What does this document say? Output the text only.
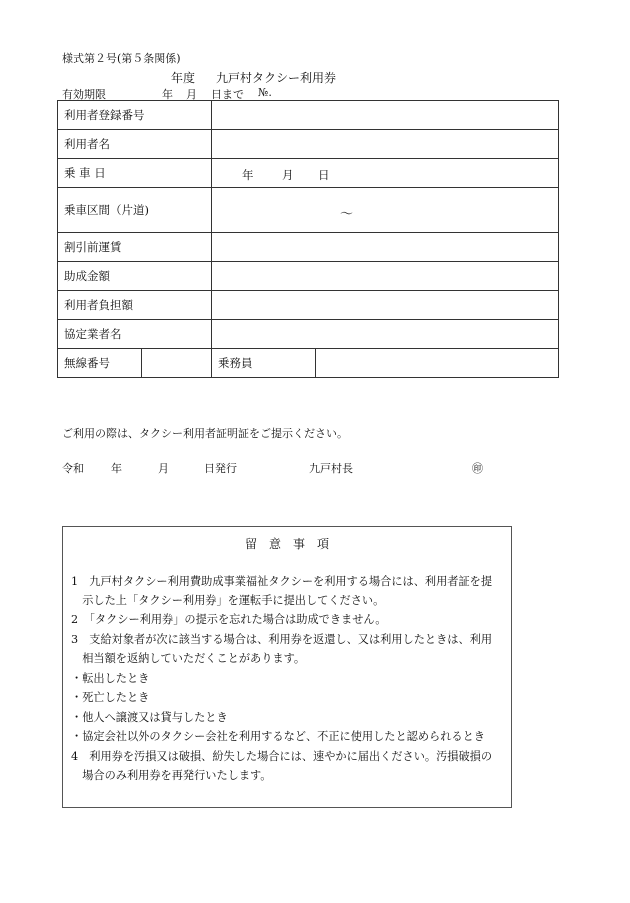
様式第２号(第５条関係)
年度 九戸村タクシー利用券
有効期限	年 月 日まで №.
利用者登録番号			
利用者名			
乗 車 日		年 月 日	

乗車区間（片道)		～	

割引前運賃			
助成金額			
利用者負担額			
協定業者名			
無線番号		乗務員	
ご利用の際は、タクシー利用者証明証をご提示ください。
令和 年	月	日発行	九戸村長	㊞
留　意　事　項
1　九戸村タクシー利用費助成事業福祉タクシーを利用する場合には、利用者証を提
　示した上「タクシー利用券」を運転手に提出してください。
2　「タクシー利用券」の提示を忘れた場合は助成できません。
3　支給対象者が次に該当する場合は、利用券を返還し、又は利用したときは、利用
　相当額を返納していただくことがあります。
・転出したとき
・死亡したとき
・他人へ譲渡又は貸与したとき
・協定会社以外のタクシー会社を利用するなど、不正に使用したと認められるとき
4　利用券を汚損又は破損、紛失した場合には、速やかに届出ください。汚損破損の
　場合のみ利用券を再発行いたします。
